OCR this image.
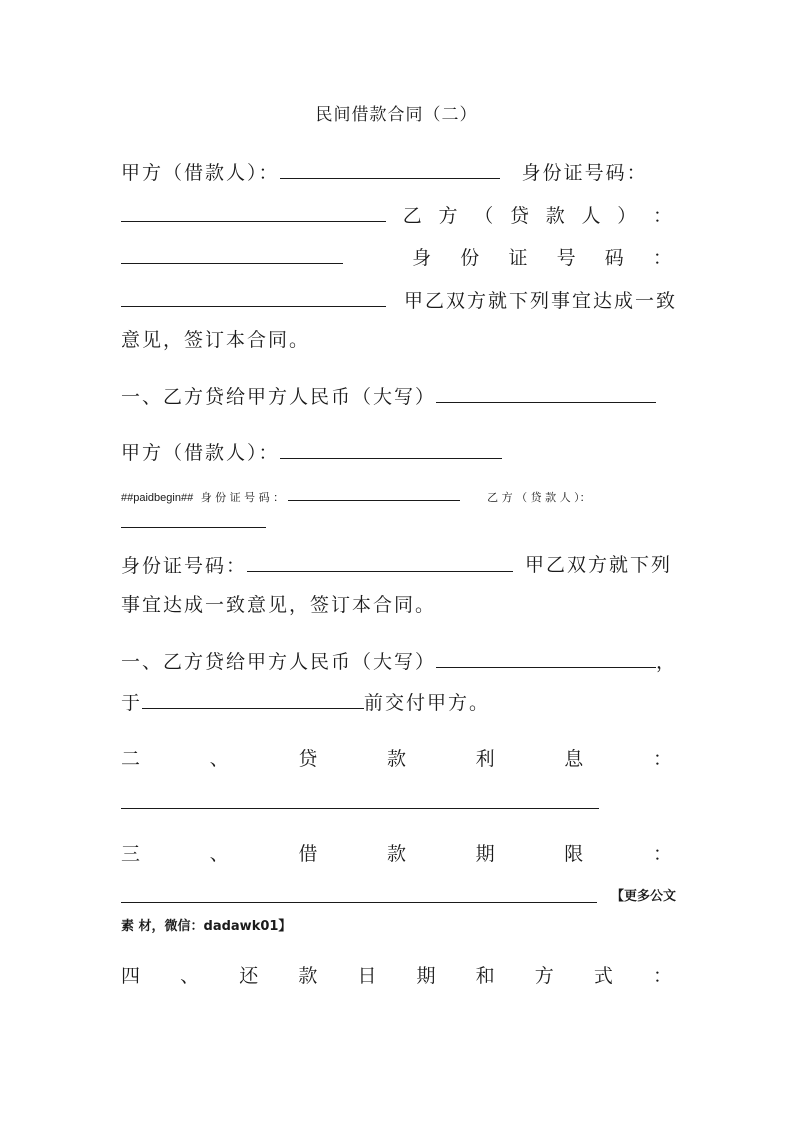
民间借款合同（二）
甲方（借款人）：	身份证号码：
乙 方 （ 贷 款 人 ） ：
身 份 证 号 码 ：
甲乙双方就下列事宜达成一致
意见，签订本合同。
一、乙方贷给甲方人民币（大写）
甲方（借款人）：
##paidbegin## 身 份 证 号 码 ：	乙 方 （ 贷 款 人 ）：
身份证号码：	甲乙双方就下列
事宜达成一致意见，签订本合同。
一、乙方贷给甲方人民币（大写）	，
于	前交付甲方。
二	、	贷	款	利	息	：
三	、	借	款	期	限	：
【更多公文
素 材，微信：dadawk01】
四 、 还 款 日 期 和 方 式 ：
